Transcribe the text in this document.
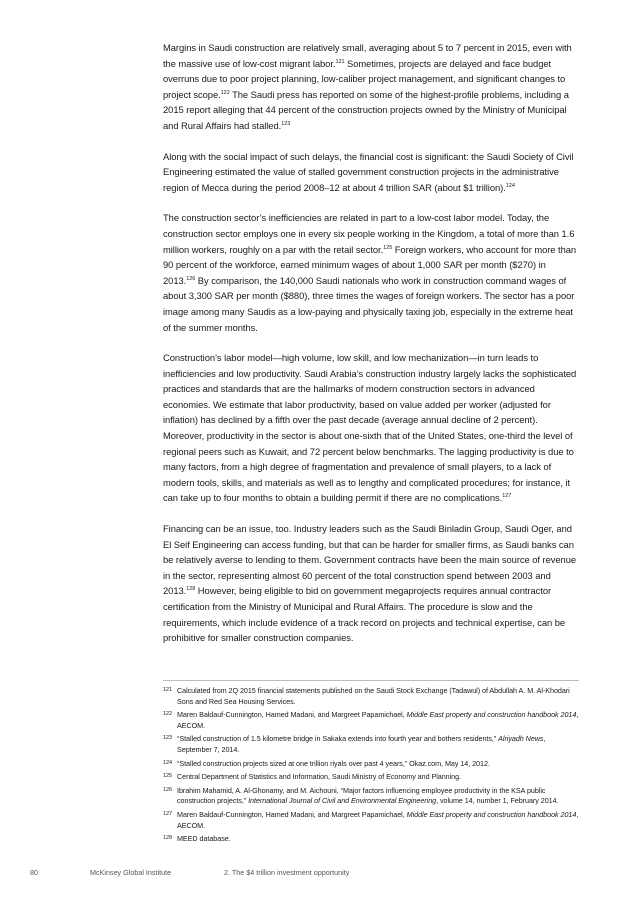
Margins in Saudi construction are relatively small, averaging about 5 to 7 percent in 2015, even with the massive use of low-cost migrant labor.$^{121}$ Sometimes, projects are delayed and face budget overruns due to poor project planning, low-caliber project management, and significant changes to project scope.$^{122}$ The Saudi press has reported on some of the highest-profile problems, including a 2015 report alleging that 44 percent of the construction projects owned by the Ministry of Municipal and Rural Affairs had stalled.$^{123}$

Along with the social impact of such delays, the financial cost is significant: the Saudi Society of Civil Engineering estimated the value of stalled government construction projects in the administrative region of Mecca during the period 2008–12 at about 4 trillion SAR (about $1 trillion).$^{124}$

The construction sector’s inefficiencies are related in part to a low-cost labor model. Today, the construction sector employs one in every six people working in the Kingdom, a total of more than 1.6 million workers, roughly on a par with the retail sector.$^{125}$ Foreign workers, who account for more than 90 percent of the workforce, earned minimum wages of about 1,000 SAR per month ($270) in 2013.$^{126}$ By comparison, the 140,000 Saudi nationals who work in construction command wages of about 3,300 SAR per month ($880), three times the wages of foreign workers. The sector has a poor image among many Saudis as a low-paying and physically taxing job, especially in the extreme heat of the summer months.

Construction’s labor model—high volume, low skill, and low mechanization—in turn leads to inefficiencies and low productivity. Saudi Arabia’s construction industry largely lacks the sophisticated practices and standards that are the hallmarks of modern construction sectors in advanced economies. We estimate that labor productivity, based on value added per worker (adjusted for inflation) has declined by a fifth over the past decade (average annual decline of 2 percent). Moreover, productivity in the sector is about one-sixth that of the United States, one-third the level of regional peers such as Kuwait, and 72 percent below benchmarks. The lagging productivity is due to many factors, from a high degree of fragmentation and prevalence of small players, to a lack of modern tools, skills, and materials as well as to lengthy and complicated procedures; for instance, it can take up to four months to obtain a building permit if there are no complications.$^{127}$

Financing can be an issue, too. Industry leaders such as the Saudi Binladin Group, Saudi Oger, and El Seif Engineering can access funding, but that can be harder for smaller firms, as Saudi banks can be relatively averse to lending to them. Government contracts have been the main source of revenue in the sector, representing almost 60 percent of the total construction spend between 2003 and 2013.$^{128}$ However, being eligible to bid on government megaprojects requires annual contractor certification from the Ministry of Municipal and Rural Affairs. The procedure is slow and the requirements, which include evidence of a track record on projects and technical expertise, can be prohibitive for smaller construction companies.

121 Calculated from 2Q 2015 financial statements published on the Saudi Stock Exchange (Tadawul) of Abdullah A. M. Al-Khodari Sons and Red Sea Housing Services.
122 Maren Baldauf-Cunnington, Hamed Madani, and Margreet Papamichael, Middle East property and construction handbook 2014, AECOM.
123 “Stalled construction of 1.5 kilometre bridge in Sakaka extends into fourth year and bothers residents,” Alriyadh News, September 7, 2014.
124 “Stalled construction projects sized at one trillion riyals over past 4 years,” Okaz.com, May 14, 2012.
125 Central Department of Statistics and Information, Saudi Ministry of Economy and Planning.
126 Ibrahim Mahamid, A. Al-Ghonamy, and M. Aichouni, “Major factors influencing employee productivity in the KSA public construction projects,” International Journal of Civil and Environmental Engineering, volume 14, number 1, February 2014.
127 Maren Baldauf-Cunnington, Hamed Madani, and Margreet Papamichael, Middle East property and construction handbook 2014, AECOM.
128 MEED database.
80	McKinsey Global Institute	2. The $4 trillion investment opportunity
